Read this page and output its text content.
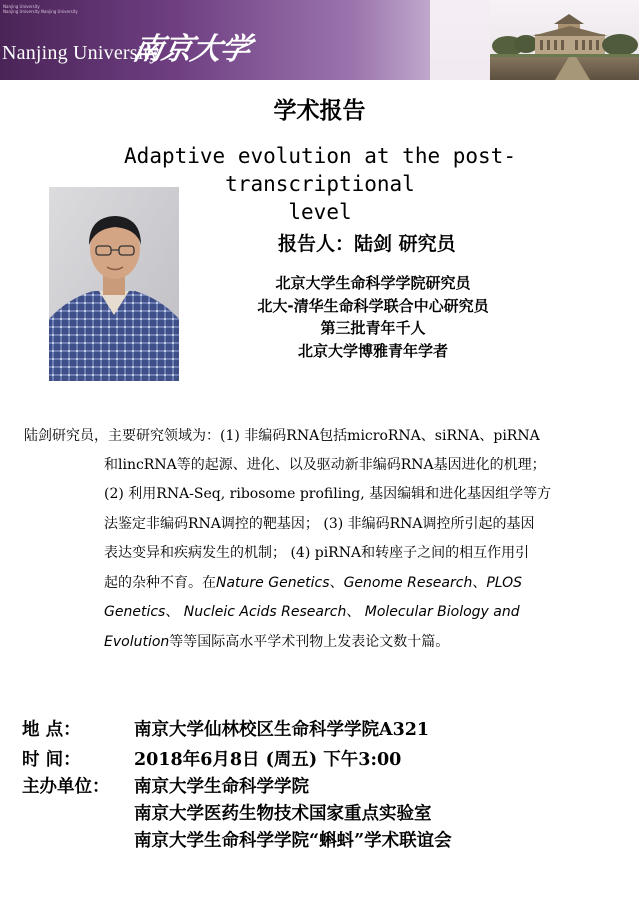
Nanjing University
Nanjing University Nanjing University
Nanjing University
南京大学
学术报告
Adaptive evolution at the post-transcriptional
level
报告人：陆剑 研究员
北京大学生命科学学院研究员
北大-清华生命科学联合中心研究员
第三批青年千人
北京大学博雅青年学者
陆剑研究员，主要研究领域为：(1) 非编码RNA包括microRNA、siRNA、piRNA
和lincRNA等的起源、进化、以及驱动新非编码RNA基因进化的机理；
(2) 利用RNA-Seq, ribosome profiling, 基因编辑和进化基因组学等方
法鉴定非编码RNA调控的靶基因； (3) 非编码RNA调控所引起的基因
表达变异和疾病发生的机制； (4) piRNA和转座子之间的相互作用引
起的杂种不育。在Nature Genetics、Genome Research、PLOS
Genetics、 Nucleic Acids Research、 Molecular Biology and
Evolution等等国际高水平学术刊物上发表论文数十篇。
地 点：	南京大学仙林校区生命科学学院A321
时 间：	2018年6月8日 (周五) 下午3:00
主办单位： 南京大学生命科学学院
南京大学医药生物技术国家重点实验室
南京大学生命科学学院“蝌蚪”学术联谊会
